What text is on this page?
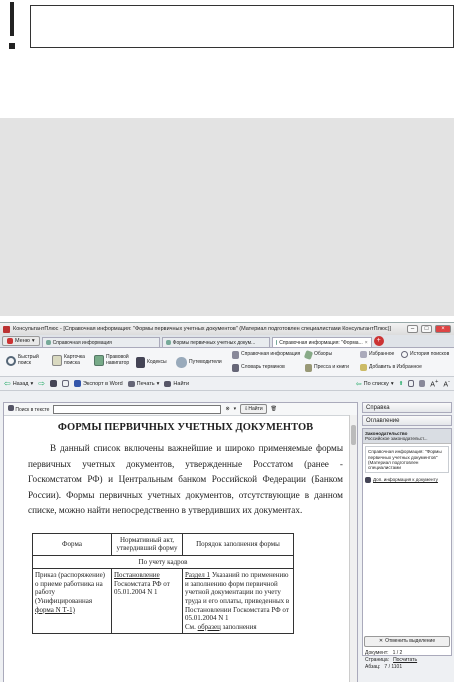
КонсультантПлюс - [Справочная информация: "Формы первичных учетных документов" (Материал подготовлен специалистами КонсультантПлюс)]	–	□	×
Меню ▾	Справочная информация	Формы первичных учетных докум...	Справочная информация: "Форма... ×	+
Быстрый поиск
Карточка поиска
Правовой навигатор	Кодексы	Путеводители
Справочная информация
Словарь терминов
Обзоры
Пресса и книги
Избранное	История поисков
Добавить в Избранное
⇦ Назад ▾ ⇨	Экспорт в Word	Печать ▾	Найти	⇦ По списку ▾ ⬆	A+ A-
Поиск в тексте	⊗ ▾ ⇩ Найти 🗑
ФОРМЫ ПЕРВИЧНЫХ УЧЕТНЫХ ДОКУМЕНТОВ

В данный список включены важнейшие и широко применяемые формы первичных учетных документов, утвержденные Росстатом (ранее - Госкомстатом РФ) и Центральным банком Российской Федерации (Банком России). Формы первичных учетных документов, отсутствующие в данном списке, можно найти непосредственно в утвердивших их документах.

Форма	Нормативный акт, утвердивший форму	Порядок заполнения формы
По учету кадров		
Приказ (распоряжение) о приеме работника на работу (Унифицированная форма N Т-1)	Постановление Госкомстата РФ от 05.01.2004 N 1	Раздел 1 Указаний по применению и заполнению форм первичной учетной документации по учету труда и его оплаты, приведенных в Постановлении Госкомстата РФ от 05.01.2004 N 1
См. образец заполнения
Справка
Оглавление
Законодательство
Российское законодательст...
Справочная информация: "Формы первичных учетных документов" (Материал подготовлен специалистами
Доп. информация к документу
✕ Отменить выделение
Документ: 1 / 2
Страница: Посчитать
Абзац: 7 / 1101
